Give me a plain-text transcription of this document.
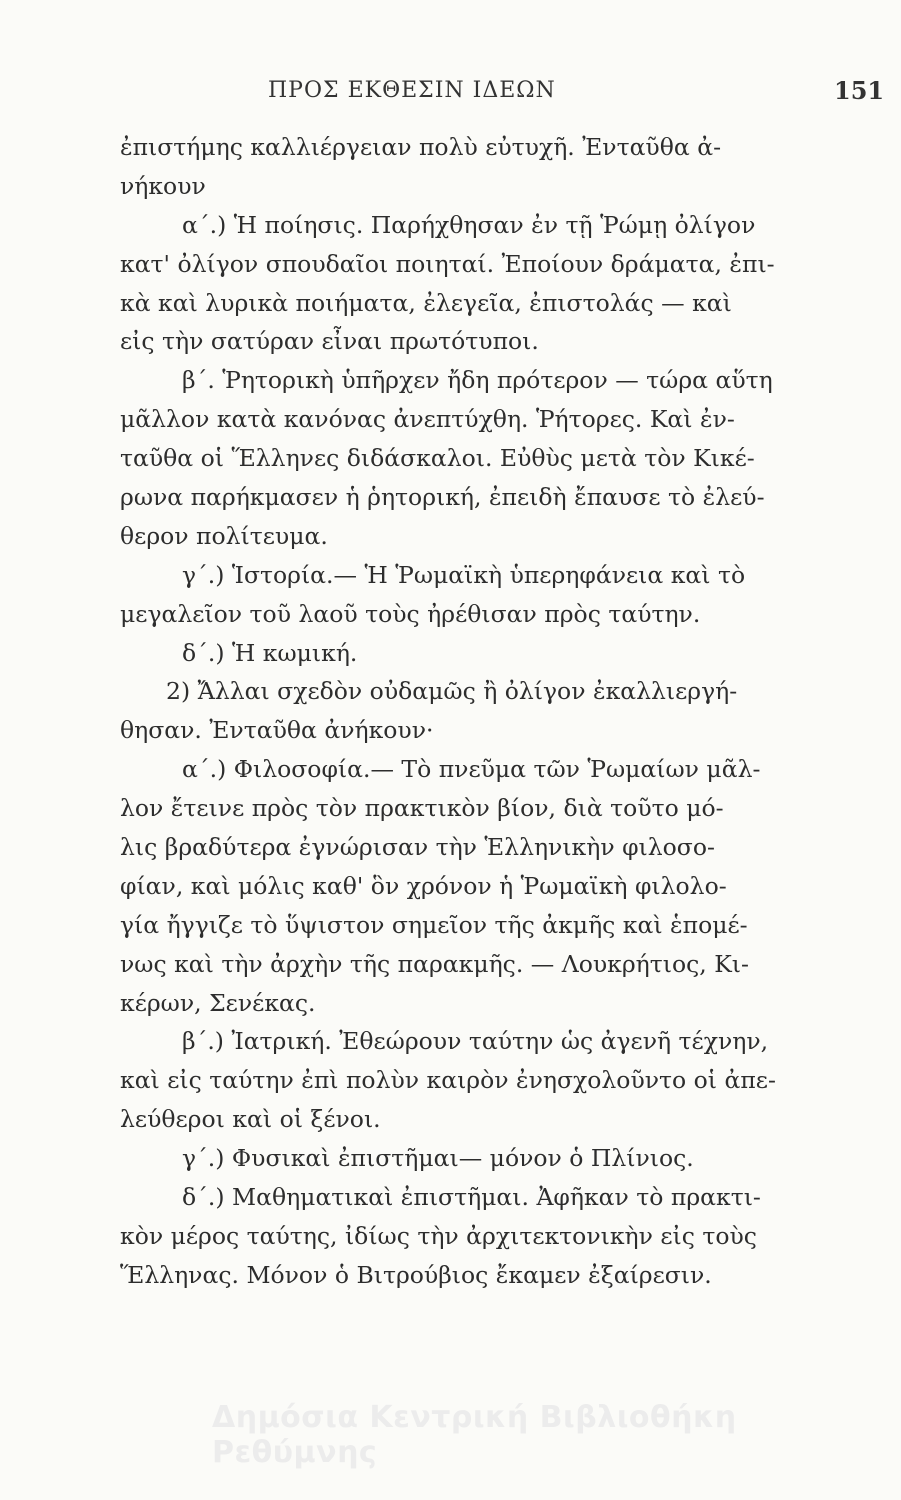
ΠΡΟΣ ΕΚΘΕΣΙΝ ΙΔΕΩΝ	151
ἐπιστήμης καλλιέργειαν πολὺ εὐτυχῆ. Ἐνταῦθα ἀ-
νήκουν
α΄.) Ἡ ποίησις. Παρήχθησαν ἐν τῇ Ῥώμῃ ὀλίγον
κατ' ὀλίγον σπουδαῖοι ποιηταί. Ἐποίουν δράματα, ἐπι-
κὰ καὶ λυρικὰ ποιήματα, ἐλεγεῖα, ἐπιστολάς — καὶ
εἰς τὴν σατύραν εἶναι πρωτότυποι.
β΄. Ῥητορικὴ ὑπῆρχεν ἤδη πρότερον — τώρα αὕτη
μᾶλλον κατὰ κανόνας ἀνεπτύχθη. Ῥήτορες. Καὶ ἐν-
ταῦθα οἱ Ἕλληνες διδάσκαλοι. Εὐθὺς μετὰ τὸν Κικέ-
ρωνα παρήκμασεν ἡ ῥητορική, ἐπειδὴ ἔπαυσε τὸ ἐλεύ-
θερον πολίτευμα.
γ΄.) Ἱστορία.— Ἡ Ῥωμαϊκὴ ὑπερηφάνεια καὶ τὸ
μεγαλεῖον τοῦ λαοῦ τοὺς ἠρέθισαν πρὸς ταύτην.
δ΄.) Ἡ κωμική.
2) Ἄλλαι σχεδὸν οὐδαμῶς ἢ ὀλίγον ἐκαλλιεργή-
θησαν. Ἐνταῦθα ἀνήκουν·
α΄.) Φιλοσοφία.— Τὸ πνεῦμα τῶν Ῥωμαίων μᾶλ-
λον ἔτεινε πρὸς τὸν πρακτικὸν βίον, διὰ τοῦτο μό-
λις βραδύτερα ἐγνώρισαν τὴν Ἑλληνικὴν φιλοσο-
φίαν, καὶ μόλις καθ' ὃν χρόνον ἡ Ῥωμαϊκὴ φιλολο-
γία ἤγγιζε τὸ ὕψιστον σημεῖον τῆς ἀκμῆς καὶ ἑπομέ-
νως καὶ τὴν ἀρχὴν τῆς παρακμῆς. — Λουκρήτιος, Κι-
κέρων, Σενέκας.
β΄.) Ἰατρική. Ἐθεώρουν ταύτην ὡς ἀγενῆ τέχνην,
καὶ εἰς ταύτην ἐπὶ πολὺν καιρὸν ἐνησχολοῦντο οἱ ἀπε-
λεύθεροι καὶ οἱ ξένοι.
γ΄.) Φυσικαὶ ἐπιστῆμαι— μόνον ὁ Πλίνιος.
δ΄.) Μαθηματικαὶ ἐπιστῆμαι. Ἀφῆκαν τὸ πρακτι-
κὸν μέρος ταύτης, ἰδίως τὴν ἀρχιτεκτονικὴν εἰς τοὺς
Ἕλληνας. Μόνον ὁ Βιτρούβιος ἔκαμεν ἐξαίρεσιν.
Δημόσια Κεντρική Βιβλιοθήκη Ρεθύμνης
